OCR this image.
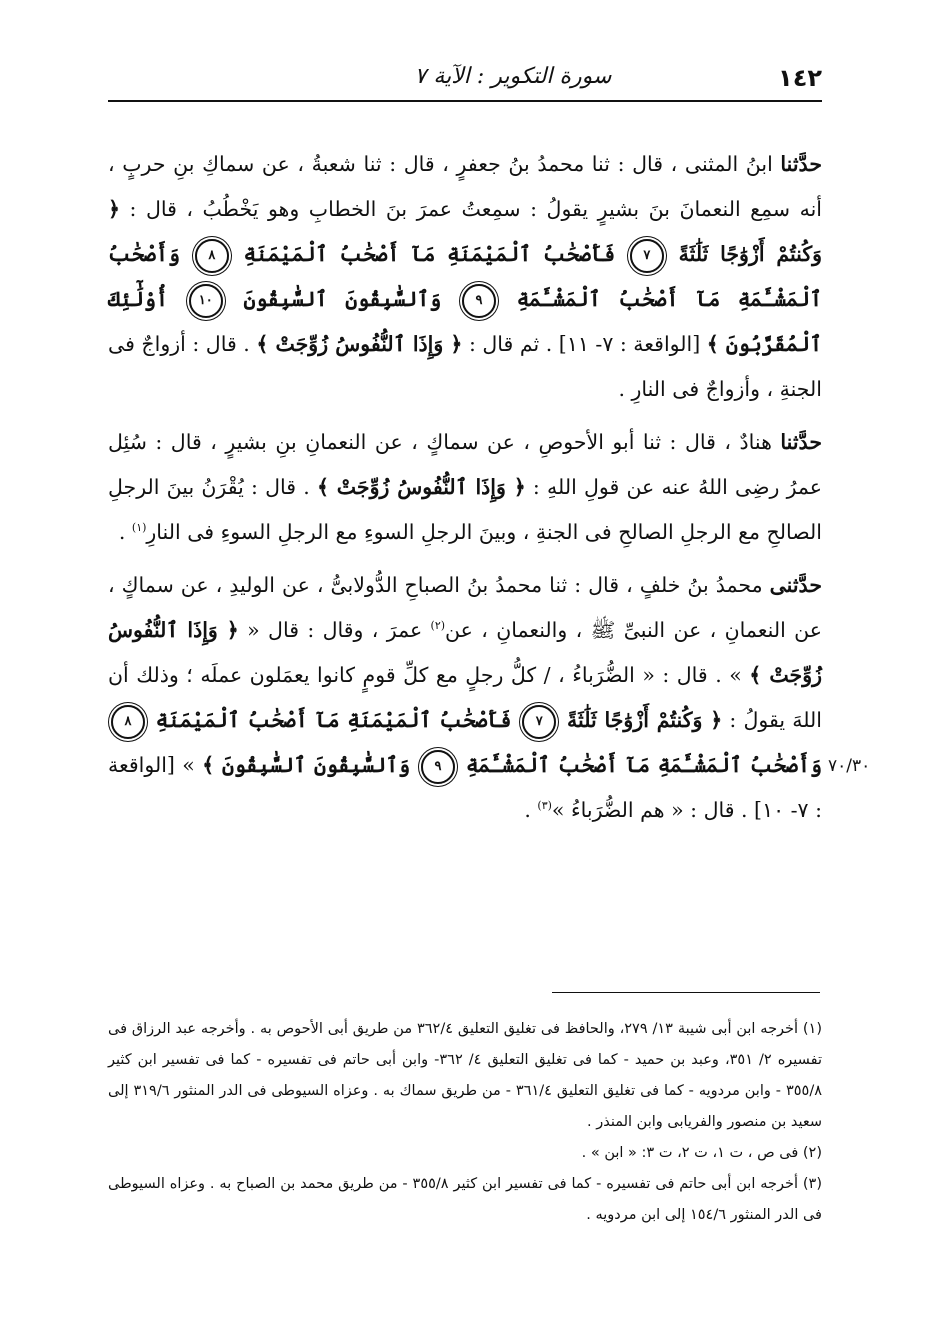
١٤٢
سورة التكوير : الآية ٧

حدَّثنا ابنُ المثنى ، قال : ثنا محمدُ بنُ جعفرٍ ، قال : ثنا شعبةُ ، عن سماكِ بنِ حربٍ ، أنه سمِع النعمانَ بنَ بشيرٍ يقولُ : سمِعتُ عمرَ بنَ الخطابِ وهو يَخْطُبُ ، قال : ﴿ وَكُنتُمْ أَزْوَٰجًا ثَلَٰثَةً ٧ فَأَصْحَٰبُ ٱلْمَيْمَنَةِ مَآ أَصْحَٰبُ ٱلْمَيْمَنَةِ ٨ وَأَصْحَٰبُ ٱلْمَشْـَٔمَةِ مَآ أَصْحَٰبُ ٱلْمَشْـَٔمَةِ ٩ وَٱلسَّٰبِقُونَ ٱلسَّٰبِقُونَ ١٠ أُوْلَٰٓئِكَ ٱلْمُقَرَّبُونَ ﴾ [الواقعة : ٧- ١١] . ثم قال : ﴿ وَإِذَا ٱلنُّفُوسُ زُوِّجَتْ ﴾ . قال : أزواجٌ فى الجنةِ ، وأزواجٌ فى النارِ .

حدَّثنا هنادٌ ، قال : ثنا أبو الأحوصِ ، عن سماكٍ ، عن النعمانِ بنِ بشيرٍ ، قال : سُئِل عمرُ رضِى اللهُ عنه عن قولِ اللهِ : ﴿ وَإِذَا ٱلنُّفُوسُ زُوِّجَتْ ﴾ . قال : يُقْرَنُ بينَ الرجلِ الصالحِ مع الرجلِ الصالحِ فى الجنةِ ، وبينَ الرجلِ السوءِ مع الرجلِ السوءِ فى النارِ$^{(١)}$ .

حدَّثنى محمدُ بنُ خلفٍ ، قال : ثنا محمدُ بنُ الصباحِ الدُّولابىُّ ، عن الوليدِ ، عن سماكٍ ، عن النعمانِ ، عن النبىِّ ﷺ ، والنعمانِ ، عن$^{(٢)}$ عمرَ ، وقال : قال « ﴿ وَإِذَا ٱلنُّفُوسُ زُوِّجَتْ ﴾ » . قال : « الضُّرَباءُ ، / كلُّ رجلٍ مع كلِّ قومٍ كانوا يعمَلون عملَه ؛ وذلك أن اللهَ يقولُ : ﴿ وَكُنتُمْ أَزْوَٰجًا ثَلَٰثَةً ٧ فَأَصْحَٰبُ ٱلْمَيْمَنَةِ مَآ أَصْحَٰبُ ٱلْمَيْمَنَةِ ٨ وَأَصْحَٰبُ ٱلْمَشْـَٔمَةِ مَآ أَصْحَٰبُ ٱلْمَشْـَٔمَةِ ٩ وَٱلسَّٰبِقُونَ ٱلسَّٰبِقُونَ ﴾ » [الواقعة : ٧- ١٠] . قال : « هم الضُّرَباءُ »$^{(٣)}$ .

٧٠/٣٠

(١) أخرجه ابن أبى شيبة ١٣/ ٢٧٩، والحافظ فى تغليق التعليق ٣٦٢/٤ من طريق أبى الأحوص به . وأخرجه عبد الرزاق فى تفسيره ٢/ ٣٥١، وعبد بن حميد - كما فى تغليق التعليق ٤/ ٣٦٢- وابن أبى حاتم فى تفسيره - كما فى تفسير ابن كثير ٣٥٥/٨ - وابن مردويه - كما فى تغليق التعليق ٣٦١/٤ - من طريق سماك به . وعزاه السيوطى فى الدر المنثور ٣١٩/٦ إلى سعيد بن منصور والفريابى وابن المنذر .

(٢) فى ص ، ت ١، ت ٢، ت ٣: « ابن » .

(٣) أخرجه ابن أبى حاتم فى تفسيره - كما فى تفسير ابن كثير ٣٥٥/٨ - من طريق محمد بن الصباح به . وعزاه السيوطى فى الدر المنثور ١٥٤/٦ إلى ابن مردويه .
